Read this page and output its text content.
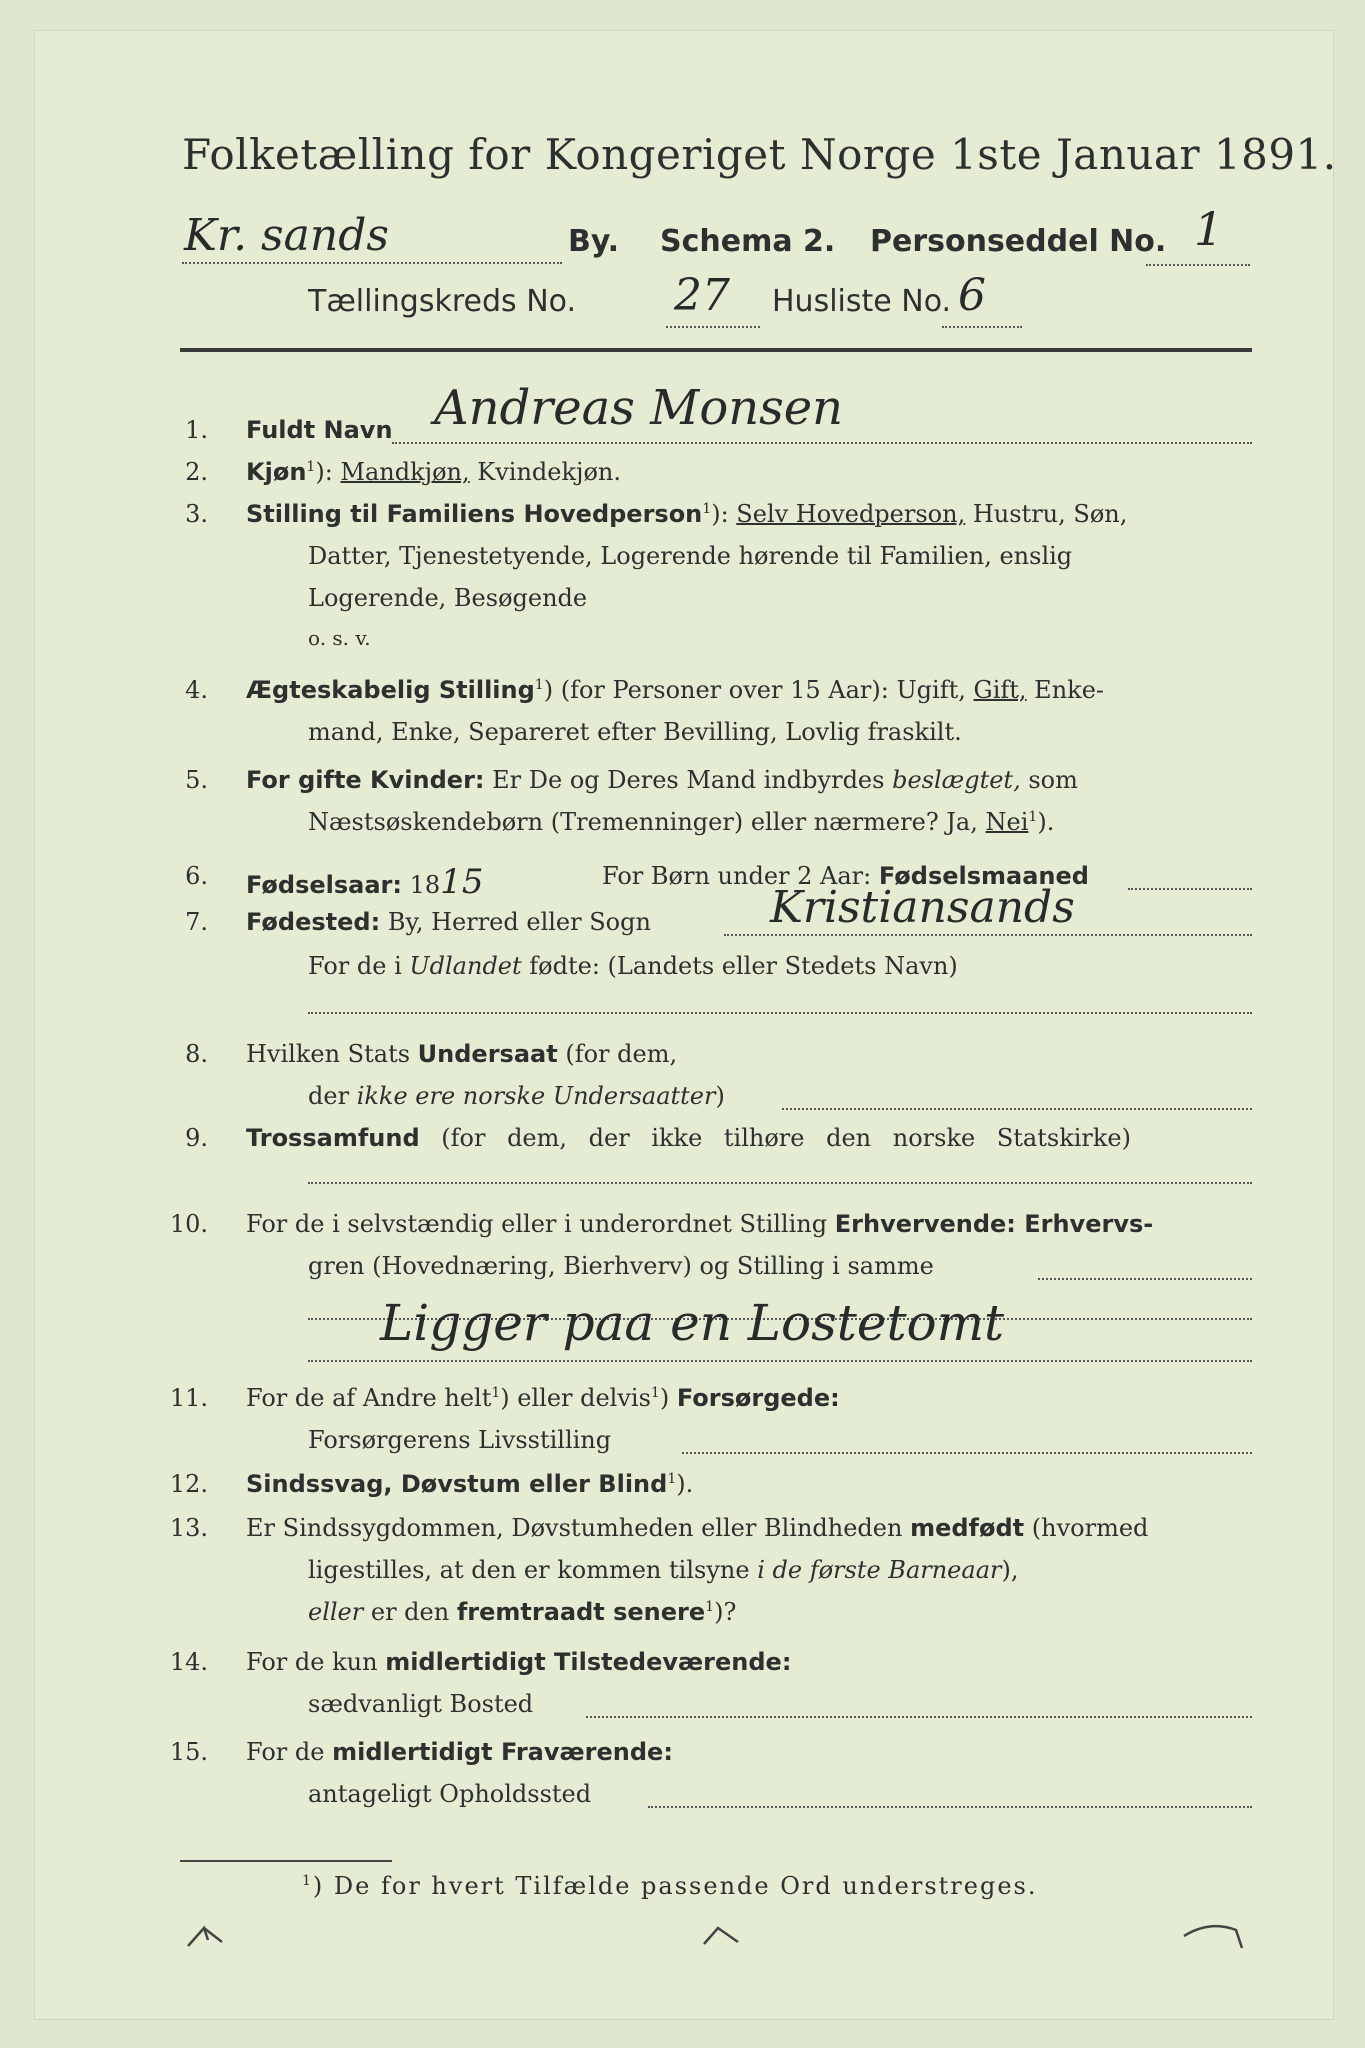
Folketælling for Kongeriget Norge 1ste Januar 1891.
Kr. sands	By. Schema 2. Personseddel No. 1
Tællingskreds No. 27 Husliste No. 6
1. Fuldt Navn Andreas Monsen
2. Kjøn$^1$): Mandkjøn, Kvindekjøn.
3. Stilling til Familiens Hovedperson$^1$): Selv Hovedperson, Hustru, Søn,
Datter, Tjenestetyende, Logerende hørende til Familien, enslig
Logerende, Besøgende
o. s. v.
4. Ægteskabelig Stilling$^1$) (for Personer over 15 Aar): Ugift, Gift, Enke-
mand, Enke, Separeret efter Bevilling, Lovlig fraskilt.
5. For gifte Kvinder: Er De og Deres Mand indbyrdes beslægtet, som
Næstsøskendebørn (Tremenninger) eller nærmere? Ja, Nei$^1$).
6. Fødselsaar: 1815	For Børn under 2 Aar: Fødselsmaaned
7. Fødested: By, Herred eller Sogn	Kristiansands
For de i Udlandet fødte: (Landets eller Stedets Navn)
8. Hvilken Stats Undersaat (for dem,
der ikke ere norske Undersaatter)
9. Trossamfund (for dem, der ikke tilhøre den norske Statskirke)
10. For de i selvstændig eller i underordnet Stilling Erhvervende: Erhvervs-
gren (Hovednæring, Bierhverv) og Stilling i samme
Ligger paa en Lostetomt
11. For de af Andre helt$^1$) eller delvis$^1$) Forsørgede:
Forsørgerens Livsstilling
12. Sindssvag, Døvstum eller Blind$^1$).
13. Er Sindssygdommen, Døvstumheden eller Blindheden medfødt (hvormed
ligestilles, at den er kommen tilsyne i de første Barneaar),
eller er den fremtraadt senere$^1$)?
14. For de kun midlertidigt Tilstedeværende:
sædvanligt Bosted
15. For de midlertidigt Fraværende:
antageligt Opholdssted
$^1$) De for hvert Tilfælde passende Ord understreges.
